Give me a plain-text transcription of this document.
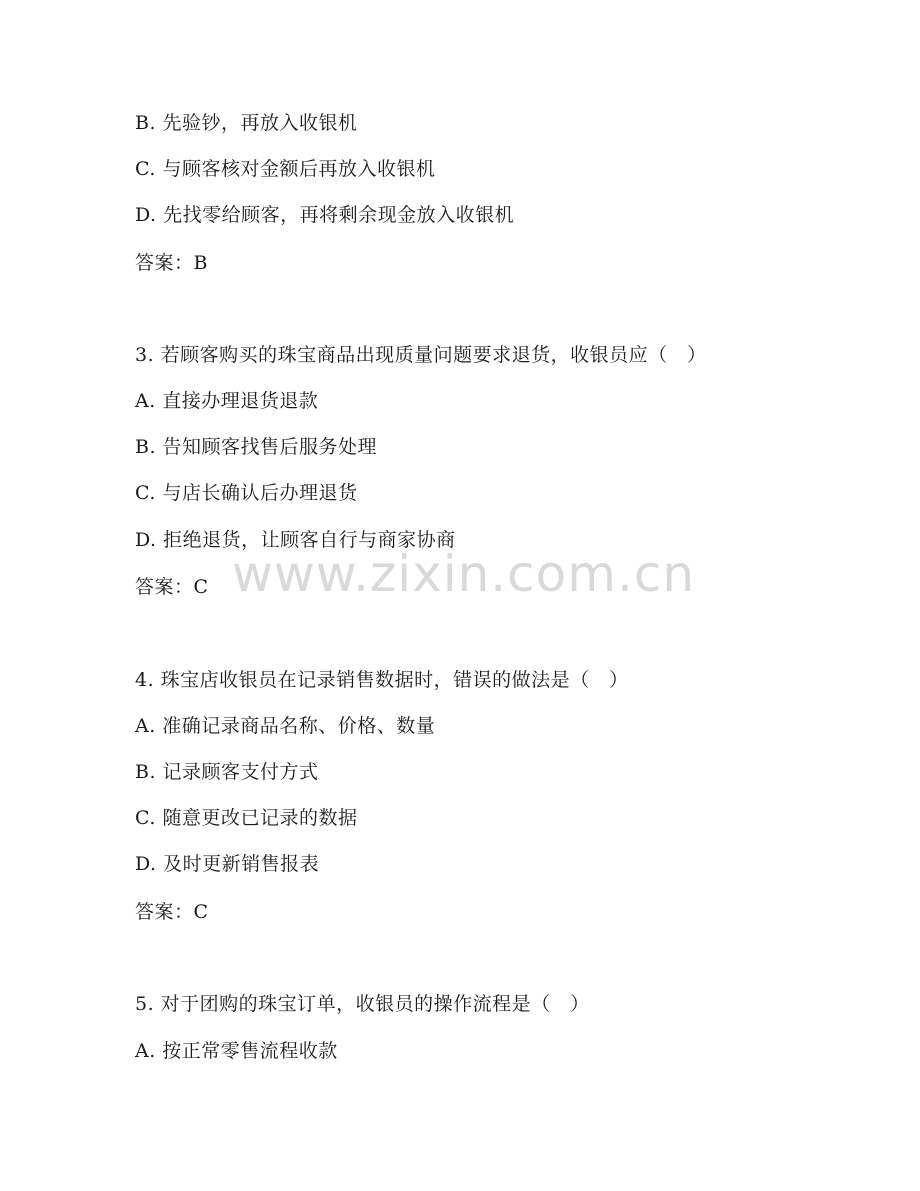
B. 先验钞，再放入收银机
C. 与顾客核对金额后再放入收银机
D. 先找零给顾客，再将剩余现金放入收银机
答案：B
3. 若顾客购买的珠宝商品出现质量问题要求退货，收银员应（　）
A. 直接办理退货退款
B. 告知顾客找售后服务处理
C. 与店长确认后办理退货
D. 拒绝退货，让顾客自行与商家协商
答案：C
4. 珠宝店收银员在记录销售数据时，错误的做法是（　）
A. 准确记录商品名称、价格、数量
B. 记录顾客支付方式
C. 随意更改已记录的数据
D. 及时更新销售报表
答案：C
5. 对于团购的珠宝订单，收银员的操作流程是（　）
A. 按正常零售流程收款
www.zixin.com.cn
